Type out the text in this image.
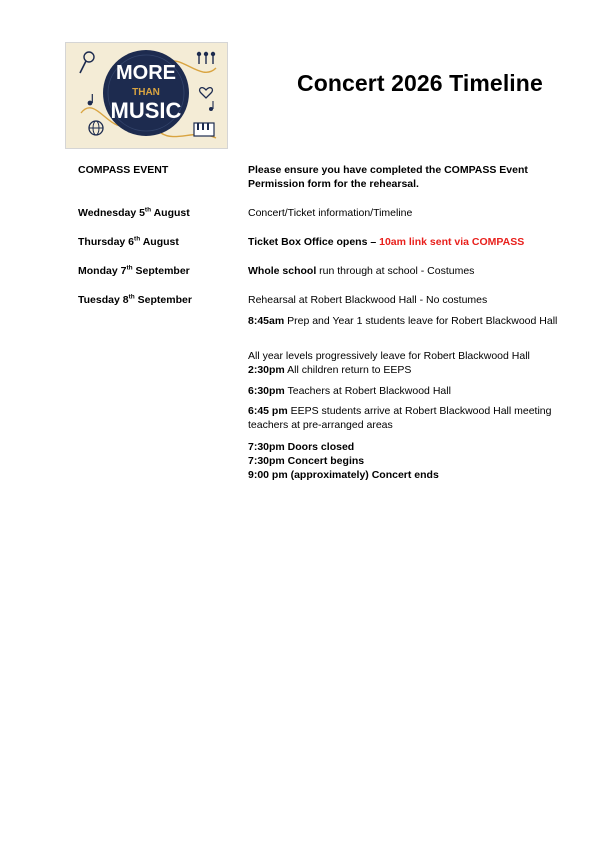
MORE
THAN
MUSIC
Concert 2026 Timeline
COMPASS EVENT	Please ensure you have completed the COMPASS Event Permission form for the rehearsal.
Wednesday 5th August	Concert/Ticket information/Timeline
Thursday 6th August	Ticket Box Office opens – 10am link sent via COMPASS
Monday 7th September	Whole school run through at school - Costumes
Tuesday 8th September	Rehearsal at Robert Blackwood Hall - No costumes
8:45am Prep and Year 1 students leave for Robert Blackwood Hall
All year levels progressively leave for Robert Blackwood Hall
2:30pm All children return to EEPS
6:30pm Teachers at Robert Blackwood Hall
6:45 pm EEPS students arrive at Robert Blackwood Hall meeting teachers at pre-arranged areas
7:30pm Doors closed
7:30pm Concert begins
9:00 pm (approximately) Concert ends
